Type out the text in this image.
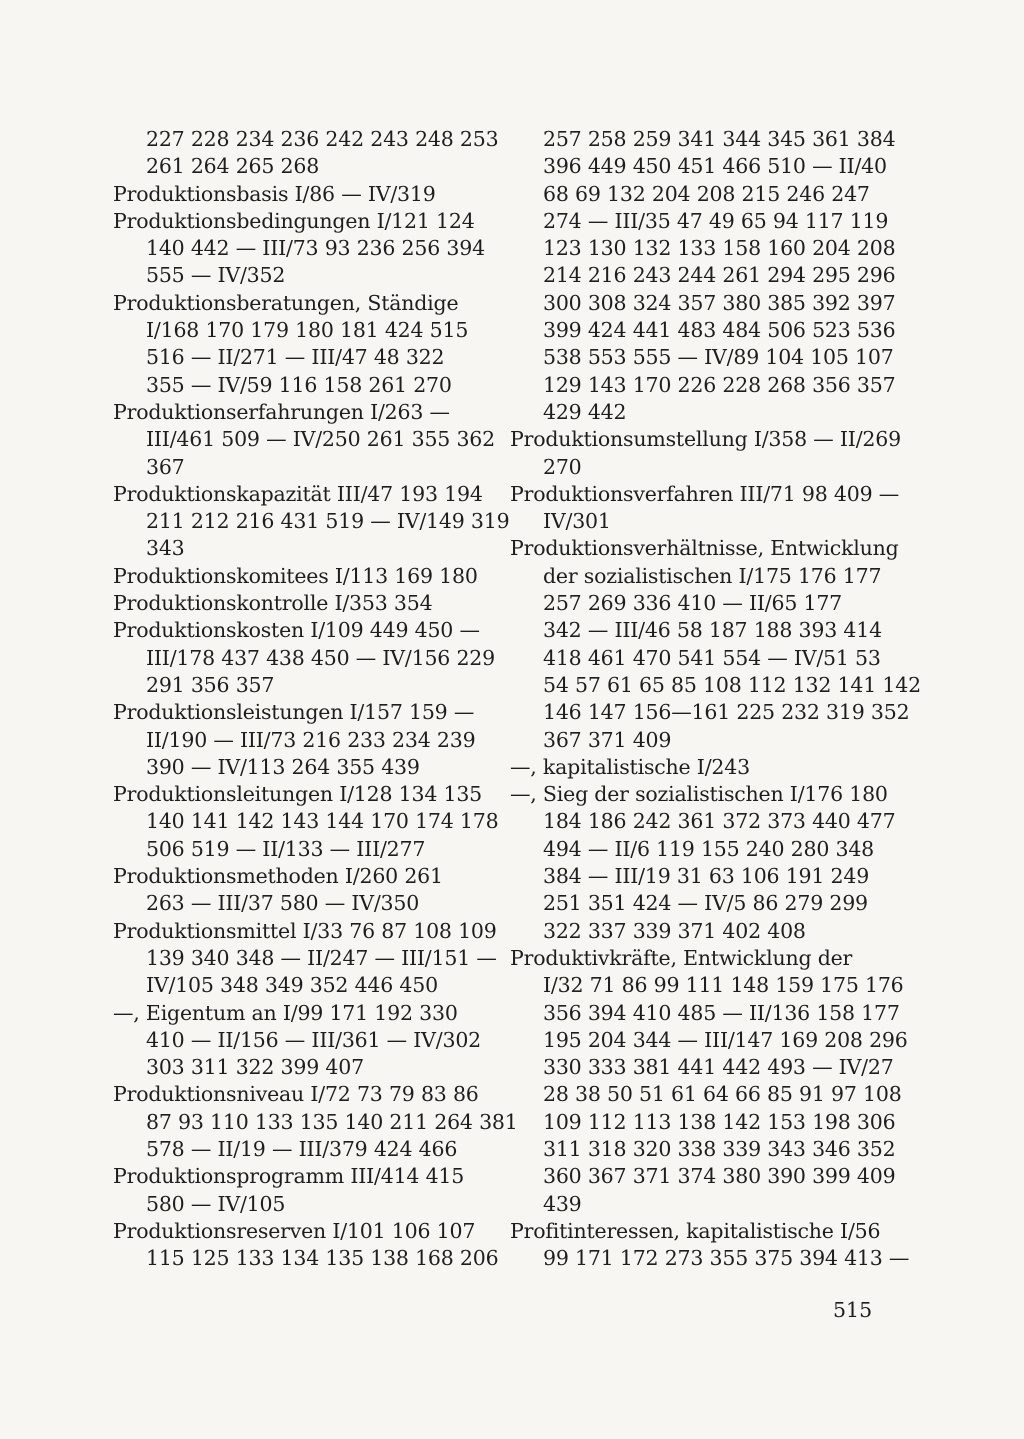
227 228 234 236 242 243 248 253
261 264 265 268
Produktionsbasis I/86 — IV/319
Produktionsbedingungen I/121 124
140 442 — III/73 93 236 256 394
555 — IV/352
Produktionsberatungen, Ständige
I/168 170 179 180 181 424 515
516 — II/271 — III/47 48 322
355 — IV/59 116 158 261 270
Produktionserfahrungen I/263 —
III/461 509 — IV/250 261 355 362
367
Produktionskapazität III/47 193 194
211 212 216 431 519 — IV/149 319
343
Produktionskomitees I/113 169 180
Produktionskontrolle I/353 354
Produktionskosten I/109 449 450 —
III/178 437 438 450 — IV/156 229
291 356 357
Produktionsleistungen I/157 159 —
II/190 — III/73 216 233 234 239
390 — IV/113 264 355 439
Produktionsleitungen I/128 134 135
140 141 142 143 144 170 174 178
506 519 — II/133 — III/277
Produktionsmethoden I/260 261
263 — III/37 580 — IV/350
Produktionsmittel I/33 76 87 108 109
139 340 348 — II/247 — III/151 —
IV/105 348 349 352 446 450
—, Eigentum an I/99 171 192 330
410 — II/156 — III/361 — IV/302
303 311 322 399 407
Produktionsniveau I/72 73 79 83 86
87 93 110 133 135 140 211 264 381
578 — II/19 — III/379 424 466
Produktionsprogramm III/414 415
580 — IV/105
Produktionsreserven I/101 106 107
115 125 133 134 135 138 168 206
257 258 259 341 344 345 361 384
396 449 450 451 466 510 — II/40
68 69 132 204 208 215 246 247
274 — III/35 47 49 65 94 117 119
123 130 132 133 158 160 204 208
214 216 243 244 261 294 295 296
300 308 324 357 380 385 392 397
399 424 441 483 484 506 523 536
538 553 555 — IV/89 104 105 107
129 143 170 226 228 268 356 357
429 442
Produktionsumstellung I/358 — II/269
270
Produktionsverfahren III/71 98 409 —
IV/301
Produktionsverhältnisse, Entwicklung
der sozialistischen I/175 176 177
257 269 336 410 — II/65 177
342 — III/46 58 187 188 393 414
418 461 470 541 554 — IV/51 53
54 57 61 65 85 108 112 132 141 142
146 147 156—161 225 232 319 352
367 371 409
—, kapitalistische I/243
—, Sieg der sozialistischen I/176 180
184 186 242 361 372 373 440 477
494 — II/6 119 155 240 280 348
384 — III/19 31 63 106 191 249
251 351 424 — IV/5 86 279 299
322 337 339 371 402 408
Produktivkräfte, Entwicklung der
I/32 71 86 99 111 148 159 175 176
356 394 410 485 — II/136 158 177
195 204 344 — III/147 169 208 296
330 333 381 441 442 493 — IV/27
28 38 50 51 61 64 66 85 91 97 108
109 112 113 138 142 153 198 306
311 318 320 338 339 343 346 352
360 367 371 374 380 390 399 409
439
Profitinteressen, kapitalistische I/56
99 171 172 273 355 375 394 413 —
515
